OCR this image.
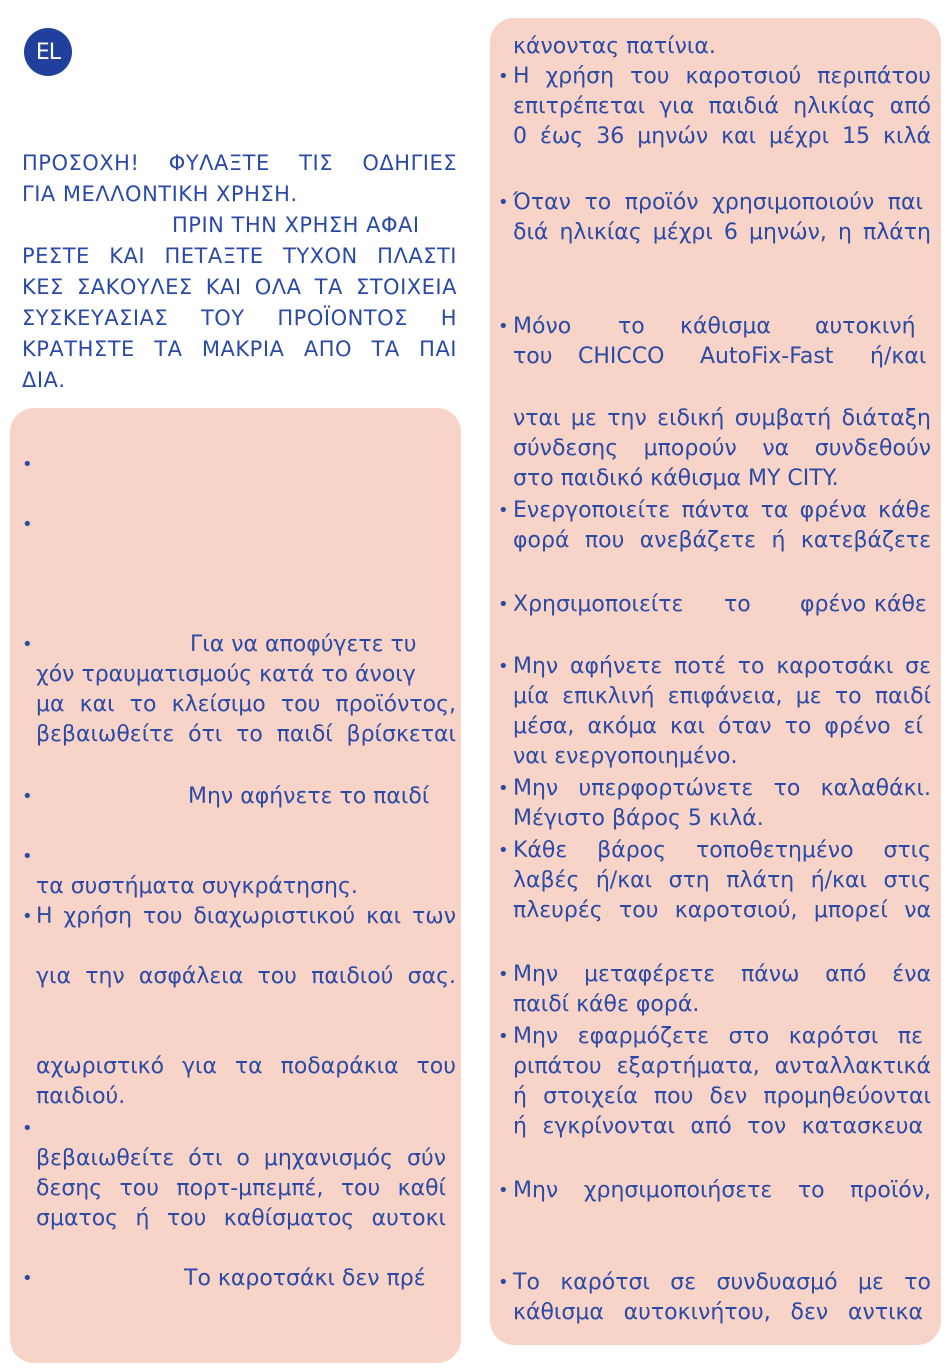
EL
ΠΡΟΣΟΧΗ! ΦΥΛΑΞΤΕ ΤΙΣ ΟΔΗΓΙΕΣ
ΓΙΑ ΜΕΛΛΟΝΤΙΚΗ ΧΡΗΣΗ.
ΠΡΙΝ ΤΗΝ ΧΡΗΣΗ ΑΦΑΙ
ΡΕΣΤΕ ΚΑΙ ΠΕΤΑΞΤΕ ΤΥΧΟΝ ΠΛΑΣΤΙ
ΚΕΣ ΣΑΚΟΥΛΕΣ ΚΑΙ ΟΛΑ ΤΑ ΣΤΟΙΧΕΙΑ
ΣΥΣΚΕΥΑΣΙΑΣ ΤΟΥ ΠΡΟΪΟΝΤΟΣ Η
ΚΡΑΤΗΣΤΕ ΤΑ ΜΑΚΡΙΑ ΑΠΟ ΤΑ ΠΑΙ
ΔΙΑ.
•
•
•	Για να αποφύγετε τυ
χόν τραυματισμούς κατά το άνοιγ
μα και το κλείσιμο του προϊόντος,
βεβαιωθείτε ότι το παιδί βρίσκεται
•	Μην αφήνετε το παιδί
•
τα συστήματα συγκράτησης.
• Η χρήση του διαχωριστικού και των
για την ασφάλεια του παιδιού σας.
αχωριστικό για τα ποδαράκια του
παιδιού.
•
βεβαιωθείτε ότι ο μηχανισμός σύν
δεσης του πορτ-μπεμπέ, του καθί
σματος ή του καθίσματος αυτοκι
•	Το καροτσάκι δεν πρέ
κάνοντας πατίνια.
• Η χρήση του καροτσιού περιπάτου
επιτρέπεται για παιδιά ηλικίας από
0 έως 36 μηνών και μέχρι 15 κιλά
• Όταν το προϊόν χρησιμοποιούν παι
διά ηλικίας μέχρι 6 μηνών, η πλάτη
• Μόνο το κάθισμα αυτοκινή
του CHICCO AutoFix-Fast ή/και
νται με την ειδική συμβατή διάταξη
σύνδεσης μπορούν να συνδεθούν
στο παιδικό κάθισμα MY CITY.
• Ενεργοποιείτε πάντα τα φρένα κάθε
φορά που ανεβάζετε ή κατεβάζετε
• Χρησιμοποιείτε το φρένο κάθε
• Μην αφήνετε ποτέ το καροτσάκι σε
μία επικλινή επιφάνεια, με το παιδί
μέσα, ακόμα και όταν το φρένο εί
ναι ενεργοποιημένο.
• Μην υπερφορτώνετε το καλαθάκι.
Μέγιστο βάρος 5 κιλά.
• Κάθε βάρος τοποθετημένο στις
λαβές ή/και στη πλάτη ή/και στις
πλευρές του καροτσιού, μπορεί να
• Μην μεταφέρετε πάνω από ένα
παιδί κάθε φορά.
• Μην εφαρμόζετε στο καρότσι πε
ριπάτου εξαρτήματα, ανταλλακτικά
ή στοιχεία που δεν προμηθεύονται
ή εγκρίνονται από τον κατασκευα
• Μην χρησιμοποιήσετε το προϊόν,
• Το καρότσι σε συνδυασμό με το
κάθισμα αυτοκινήτου, δεν αντικα
